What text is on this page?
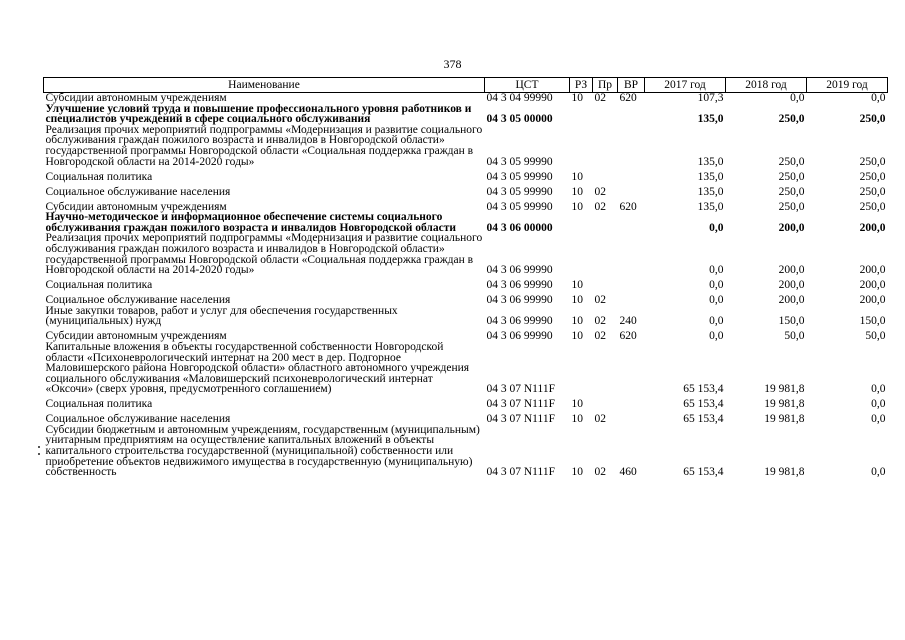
378
Наименование	ЦСТ	РЗ	Пр	ВР	2017 год	2018 год	2019 год
Субсидии автономным учреждениям	04 3 04 99990	10	02	620	107,3	0,0	0,0
Улучшение условий труда и повышение профессионального уровня работников и специалистов учреждений в сфере социального обслуживания	04 3 05 00000				135,0	250,0	250,0
Реализация прочих мероприятий подпрограммы «Модернизация и развитие социального обслуживания граждан пожилого возраста и инвалидов в Новгородской области» государственной программы Новгородской области «Социальная поддержка граждан в Новгородской области на 2014-2020 годы»	04 3 05 99990				135,0	250,0	250,0
Социальная политика	04 3 05 99990	10			135,0	250,0	250,0
Социальное обслуживание населения	04 3 05 99990	10	02		135,0	250,0	250,0
Субсидии автономным учреждениям	04 3 05 99990	10	02	620	135,0	250,0	250,0
Научно-методическое и информационное обеспечение системы социального обслуживания граждан пожилого возраста и инвалидов Новгородской области	04 3 06 00000				0,0	200,0	200,0
Реализация прочих мероприятий подпрограммы «Модернизация и развитие социального обслуживания граждан пожилого возраста и инвалидов в Новгородской области» государственной программы Новгородской области «Социальная поддержка граждан в Новгородской области на 2014-2020 годы»	04 3 06 99990				0,0	200,0	200,0
Социальная политика	04 3 06 99990	10			0,0	200,0	200,0
Социальное обслуживание населения	04 3 06 99990	10	02		0,0	200,0	200,0
Иные закупки товаров, работ и услуг для обеспечения государственных (муниципальных) нужд	04 3 06 99990	10	02	240	0,0	150,0	150,0
Субсидии автономным учреждениям	04 3 06 99990	10	02	620	0,0	50,0	50,0
Капитальные вложения в объекты государственной собственности Новгородской области «Психоневрологический интернат на 200 мест в дер. Подгорное Маловишерского района Новгородской области» областного автономного учреждения социального обслуживания «Маловишерский психоневрологический интернат «Оксочи» (сверх уровня, предусмотренного соглашением)	04 3 07 N111F				65 153,4	19 981,8	0,0
Социальная политика	04 3 07 N111F	10			65 153,4	19 981,8	0,0
Социальное обслуживание населения	04 3 07 N111F	10	02		65 153,4	19 981,8	0,0
Субсидии бюджетным и автономным учреждениям, государственным (муниципальным) унитарным предприятиям на осуществление капитальных вложений в объекты капитального строительства государственной (муниципальной) собственности или приобретение объектов недвижимого имущества в государственную (муниципальную) собственность	04 3 07 N111F	10	02	460	65 153,4	19 981,8	0,0
